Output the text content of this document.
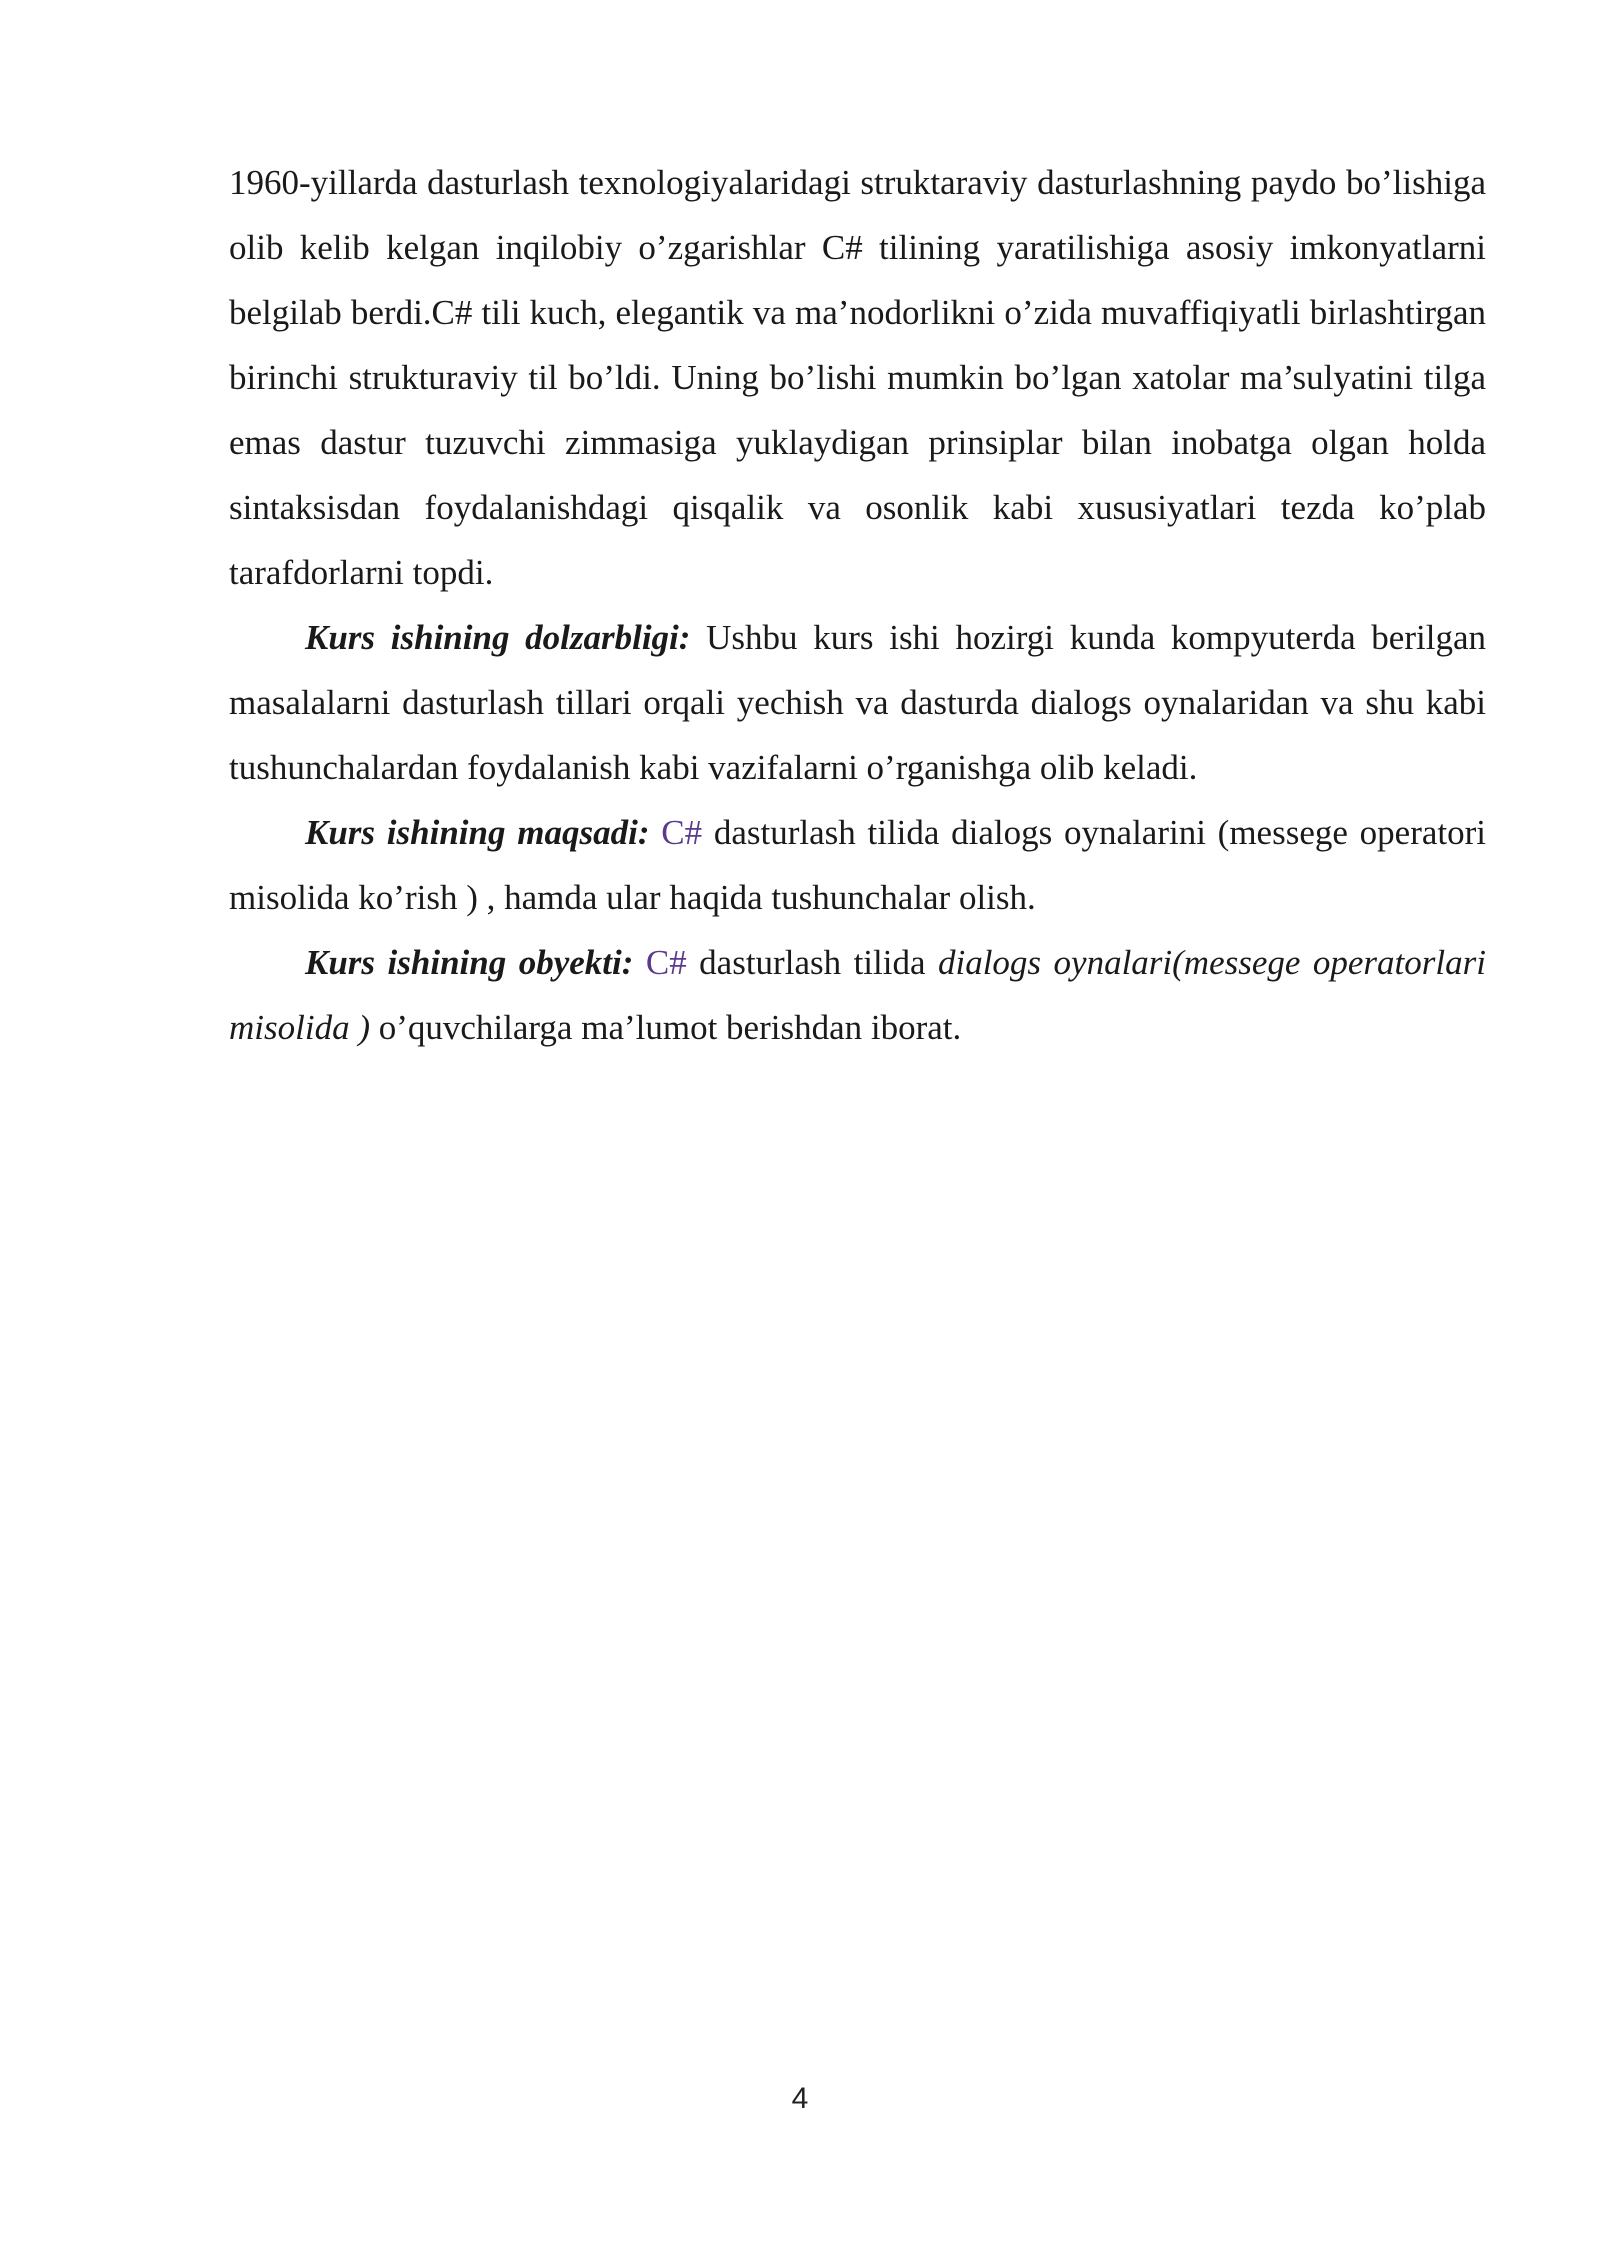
1960-yillarda dasturlash texnologiyalaridagi struktaraviy dasturlashning paydo bo’lishiga olib kelib kelgan inqilobiy o’zgarishlar C# tilining yaratilishiga asosiy imkonyatlarni belgilab berdi.C# tili kuch, elegantik va ma’nodorlikni o’zida muvaffiqiyatli birlashtirgan birinchi strukturaviy til bo’ldi. Uning bo’lishi mumkin bo’lgan xatolar ma’sulyatini tilga emas dastur tuzuvchi zimmasiga yuklaydigan prinsiplar bilan inobatga olgan holda sintaksisdan foydalanishdagi qisqalik va osonlik kabi xususiyatlari tezda ko’plab tarafdorlarni topdi.

Kurs ishining dolzarbligi: Ushbu kurs ishi hozirgi kunda kompyuterda berilgan masalalarni dasturlash tillari orqali yechish va dasturda dialogs oynalaridan va shu kabi tushunchalardan foydalanish kabi vazifalarni o’rganishga olib keladi.

Kurs ishining maqsadi: C# dasturlash tilida dialogs oynalarini (messege operatori misolida ko’rish ) , hamda ular haqida tushunchalar olish.

Kurs ishining obyekti: C# dasturlash tilida dialogs oynalari(messege operatorlari misolida ) o’quvchilarga ma’lumot berishdan iborat.

4
